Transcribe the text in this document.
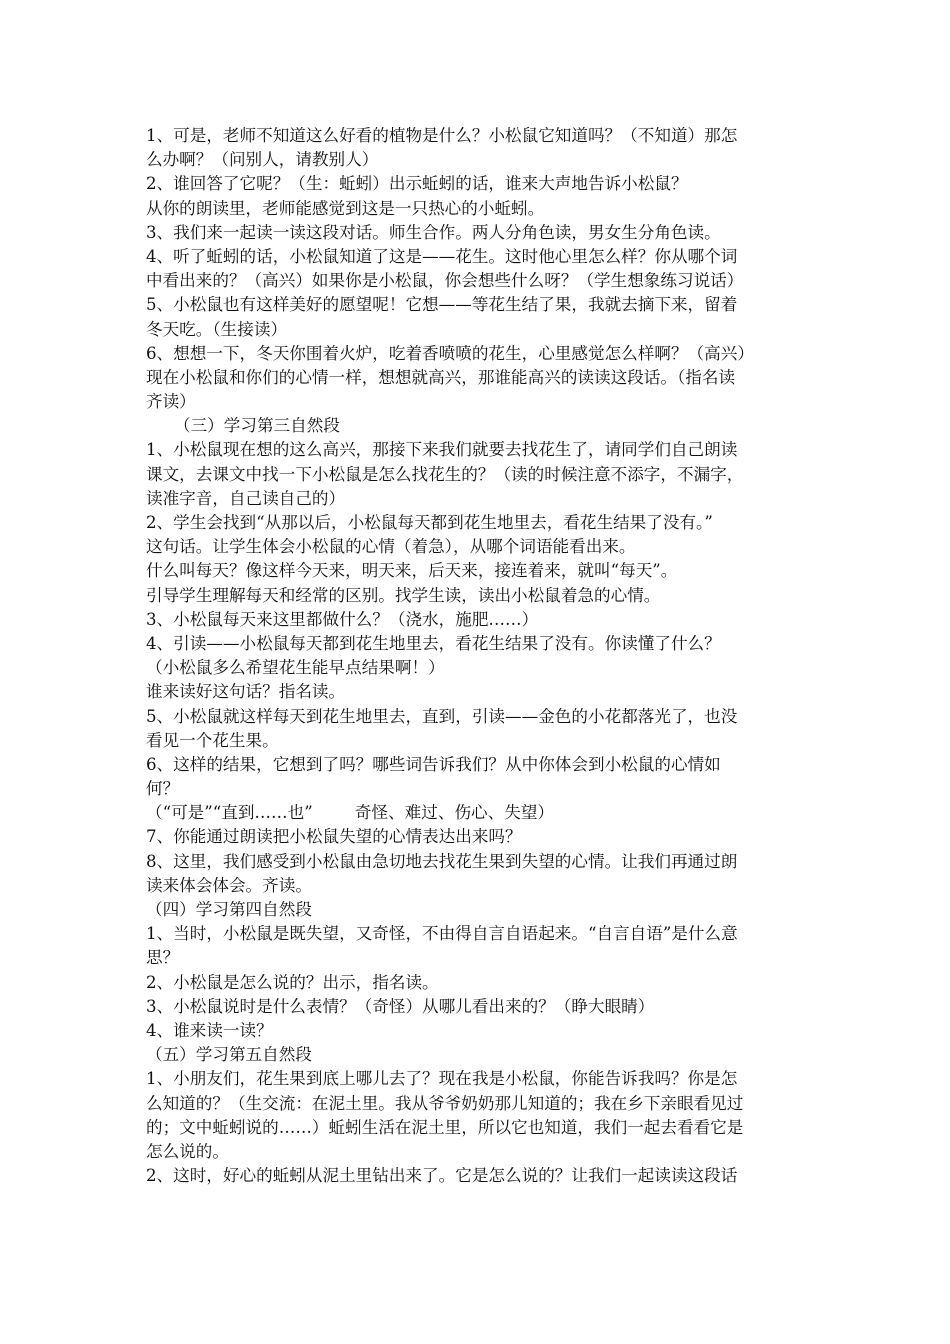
1、可是，老师不知道这么好看的植物是什么？小松鼠它知道吗？（不知道）那怎
么办啊？（问别人，请教别人）
2、谁回答了它呢？（生：蚯蚓）出示蚯蚓的话，谁来大声地告诉小松鼠？
从你的朗读里，老师能感觉到这是一只热心的小蚯蚓。
3、我们来一起读一读这段对话。师生合作。两人分角色读，男女生分角色读。
4、听了蚯蚓的话，小松鼠知道了这是——花生。这时他心里怎么样？你从哪个词
中看出来的？（高兴）如果你是小松鼠，你会想些什么呀？（学生想象练习说话）
5、小松鼠也有这样美好的愿望呢！它想——等花生结了果，我就去摘下来，留着
冬天吃。（生接读）
6、想想一下，冬天你围着火炉，吃着香喷喷的花生，心里感觉怎么样啊？（高兴）
现在小松鼠和你们的心情一样，想想就高兴，那谁能高兴的读读这段话。（指名读
齐读）
（三）学习第三自然段
1、小松鼠现在想的这么高兴，那接下来我们就要去找花生了，请同学们自己朗读
课文，去课文中找一下小松鼠是怎么找花生的？（读的时候注意不添字，不漏字，
读准字音，自己读自己的）
2、学生会找到“从那以后，小松鼠每天都到花生地里去，看花生结果了没有。”
这句话。让学生体会小松鼠的心情（着急），从哪个词语能看出来。
什么叫每天？像这样今天来，明天来，后天来，接连着来，就叫“每天”。
引导学生理解每天和经常的区别。找学生读，读出小松鼠着急的心情。
3、小松鼠每天来这里都做什么？（浇水，施肥……）
4、引读——小松鼠每天都到花生地里去，看花生结果了没有。你读懂了什么？
（小松鼠多么希望花生能早点结果啊！）
谁来读好这句话？指名读。
5、小松鼠就这样每天到花生地里去，直到，引读——金色的小花都落光了，也没
看见一个花生果。
6、这样的结果，它想到了吗？哪些词告诉我们？从中你体会到小松鼠的心情如
何？
（“可是”“直到……也”        奇怪、难过、伤心、失望）
7、你能通过朗读把小松鼠失望的心情表达出来吗？
8、这里，我们感受到小松鼠由急切地去找花生果到失望的心情。让我们再通过朗
读来体会体会。齐读。
（四）学习第四自然段
1、当时，小松鼠是既失望，又奇怪，不由得自言自语起来。“自言自语”是什么意
思？
2、小松鼠是怎么说的？出示，指名读。
3、小松鼠说时是什么表情？（奇怪）从哪儿看出来的？（睁大眼睛）
4、谁来读一读？
（五）学习第五自然段
1、小朋友们，花生果到底上哪儿去了？现在我是小松鼠，你能告诉我吗？你是怎
么知道的？（生交流：在泥土里。我从爷爷奶奶那儿知道的；我在乡下亲眼看见过
的；文中蚯蚓说的……）蚯蚓生活在泥土里，所以它也知道，我们一起去看看它是
怎么说的。
2、这时，好心的蚯蚓从泥土里钻出来了。它是怎么说的？让我们一起读读这段话
